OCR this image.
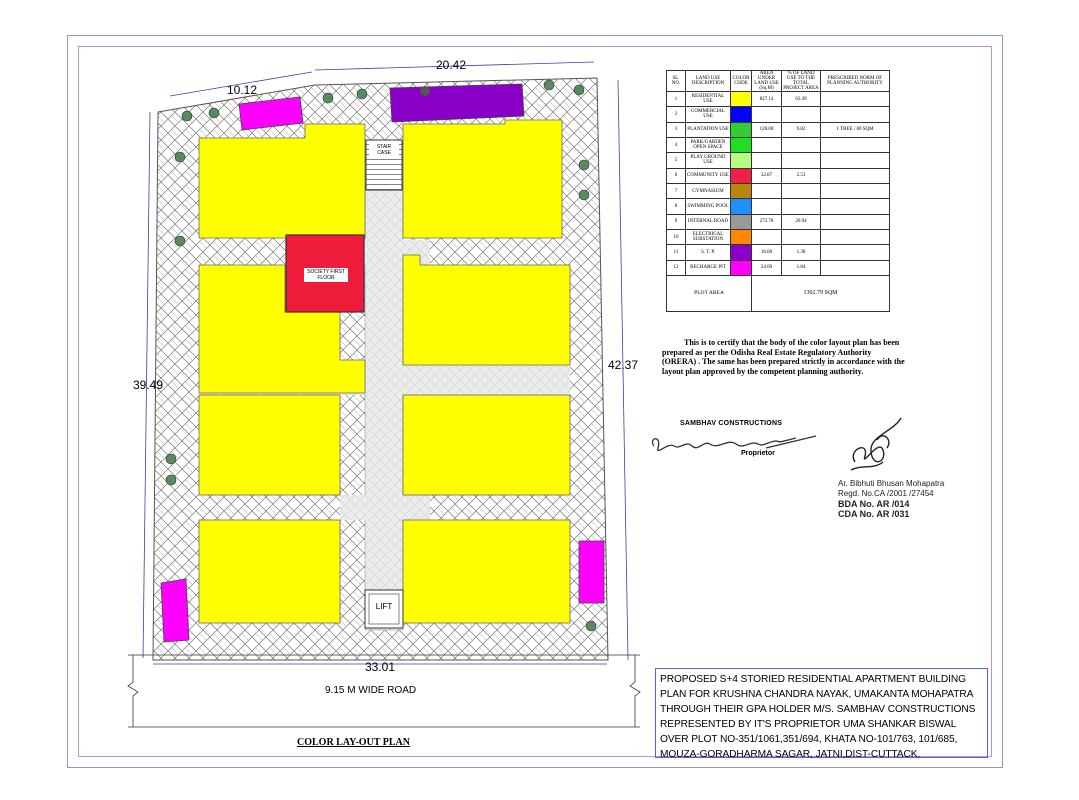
10.12
20.42
39.49
42.37
33.01
STAIR CASE
SOCIETY FIRST FLOOR
LIFT
9.15 M WIDE ROAD
SL. NO.	LAND USE DESCRIPTION	COLOR CODE	AREA UNDER LAND USE (Sq.M)	% OF LAND USE TO THE TOTAL PROJECT AREA	PRESCRIBED NORM OF PLANNING AUTHORITY
1	RESIDENTIAL USE		827.14	63.49	
2	COMMERCIAL USE	

3	PLANTATION USE		128.00	9.82	1 TREE / 80 SQM
4	PARK/GARDEN OPEN SPACE	

5	PLAY GROUND USE	

6	COMMUNITY USE		32.87	2.53	
7	GYMNASIUM	

8	SWIMMING POOL	

9	INTERNAL ROAD		272.78	20.94	
10	ELECTRICAL SUBSTATION	

11	S. T. P.		18.00	1.38	
12	RECHARGE PIT		24.00	1.84	
PLOT AREA			1302.79 SQM		
This is to certify that the body of the color layout plan has been prepared as per the Odisha Real Estate Regulatory Authority (ORERA) . The same has been prepared strictly in accordance with the layout plan approved by the competent planning authority.
SAMBHAV CONSTRUCTIONS
Proprietor
Ar. Bibhuti Bhusan Mohapatra
Regd. No.CA /2001 /27454
BDA No. AR /014
CDA No. AR /031
PROPOSED S+4 STORIED RESIDENTIAL APARTMENT BUILDING PLAN FOR KRUSHNA CHANDRA NAYAK, UMAKANTA MOHAPATRA THROUGH THEIR GPA HOLDER M/S. SAMBHAV CONSTRUCTIONS REPRESENTED BY IT'S PROPRIETOR UMA SHANKAR BISWAL OVER PLOT NO-351/1061,351/694, KHATA NO-101/763, 101/685, MOUZA-GORADHARMA SAGAR, JATNI,DIST-CUTTACK.
COLOR LAY-OUT PLAN
